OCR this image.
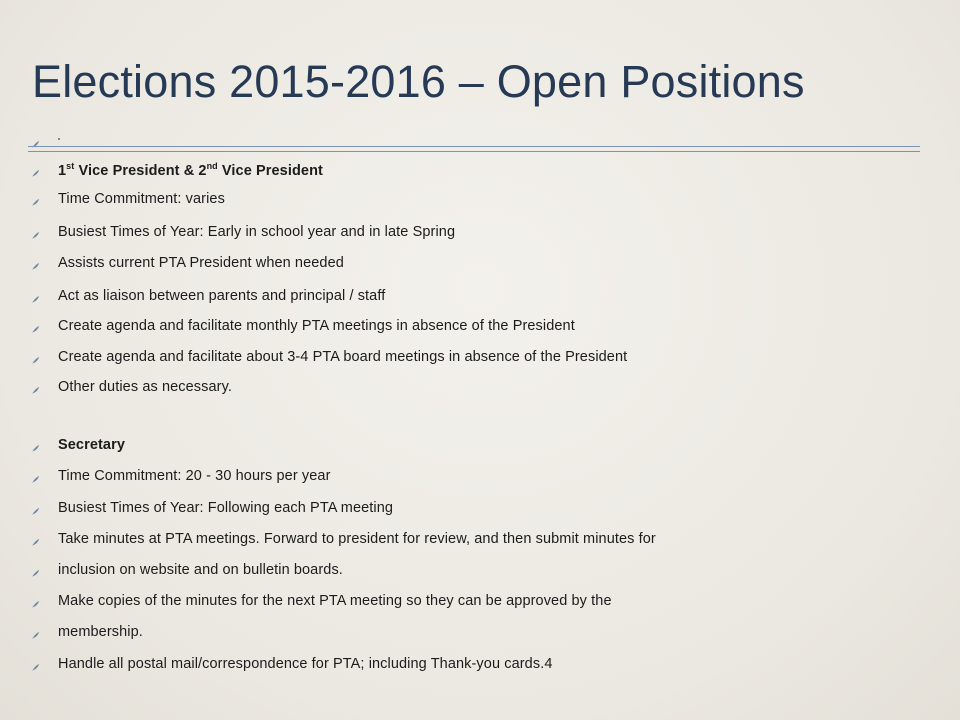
Elections 2015-2016 – Open Positions
1st Vice President & 2nd Vice President
Time Commitment: varies
Busiest Times of Year: Early in school year and in late Spring
Assists current PTA President when needed
Act as liaison between parents and principal / staff
Create agenda and facilitate monthly PTA meetings in absence of the President
Create agenda and facilitate about 3-4 PTA board meetings in absence of the President
Other duties as necessary.
Secretary
Time Commitment: 20 - 30 hours per year
Busiest Times of Year: Following each PTA meeting
Take minutes at PTA meetings. Forward to president for review, and then submit minutes for
inclusion on website and on bulletin boards.
Make copies of the minutes for the next PTA meeting so they can be approved by the
membership.
Handle all postal mail/correspondence for PTA; including Thank-you cards.4
